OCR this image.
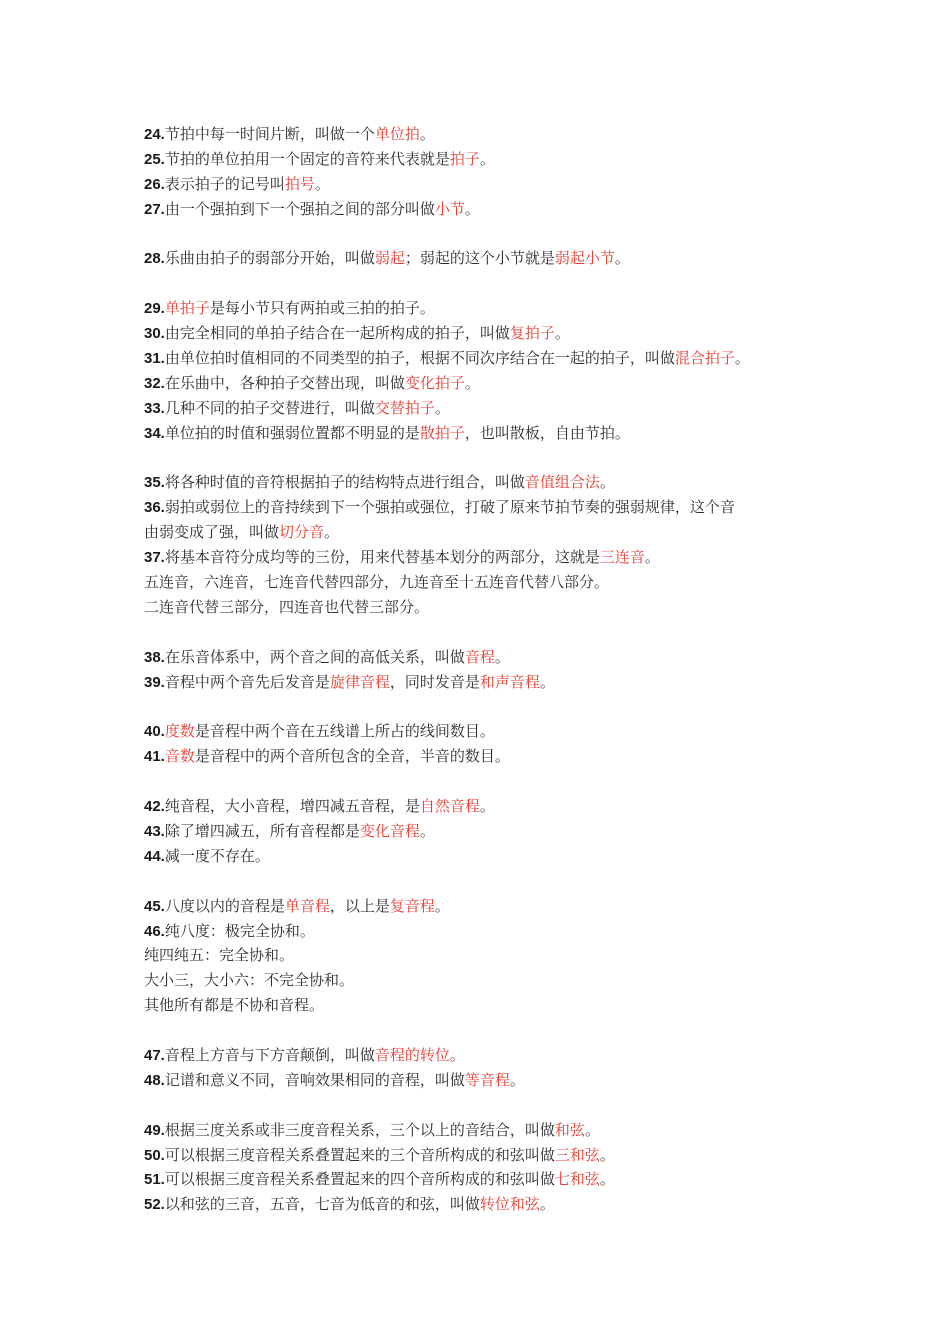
24.节拍中每一时间片断，叫做一个单位拍。
25.节拍的单位拍用一个固定的音符来代表就是拍子。
26.表示拍子的记号叫拍号。
27.由一个强拍到下一个强拍之间的部分叫做小节。
28.乐曲由拍子的弱部分开始，叫做弱起；弱起的这个小节就是弱起小节。
29.单拍子是每小节只有两拍或三拍的拍子。
30.由完全相同的单拍子结合在一起所构成的拍子，叫做复拍子。
31.由单位拍时值相同的不同类型的拍子，根据不同次序结合在一起的拍子，叫做混合拍子。
32.在乐曲中，各种拍子交替出现，叫做变化拍子。
33.几种不同的拍子交替进行，叫做交替拍子。
34.单位拍的时值和强弱位置都不明显的是散拍子，也叫散板，自由节拍。
35.将各种时值的音符根据拍子的结构特点进行组合，叫做音值组合法。
36.弱拍或弱位上的音持续到下一个强拍或强位，打破了原来节拍节奏的强弱规律，这个音
由弱变成了强，叫做切分音。
37.将基本音符分成均等的三份，用来代替基本划分的两部分，这就是三连音。
五连音，六连音，七连音代替四部分，九连音至十五连音代替八部分。
二连音代替三部分，四连音也代替三部分。
38.在乐音体系中，两个音之间的高低关系，叫做音程。
39.音程中两个音先后发音是旋律音程，同时发音是和声音程。
40.度数是音程中两个音在五线谱上所占的线间数目。
41.音数是音程中的两个音所包含的全音，半音的数目。
42.纯音程，大小音程，增四减五音程，是自然音程。
43.除了增四减五，所有音程都是变化音程。
44.减一度不存在。
45.八度以内的音程是单音程，以上是复音程。
46.纯八度：极完全协和。
纯四纯五：完全协和。
大小三，大小六：不完全协和。
其他所有都是不协和音程。
47.音程上方音与下方音颠倒，叫做音程的转位。
48.记谱和意义不同，音响效果相同的音程，叫做等音程。
49.根据三度关系或非三度音程关系，三个以上的音结合，叫做和弦。
50.可以根据三度音程关系叠置起来的三个音所构成的和弦叫做三和弦。
51.可以根据三度音程关系叠置起来的四个音所构成的和弦叫做七和弦。
52.以和弦的三音，五音，七音为低音的和弦，叫做转位和弦。
